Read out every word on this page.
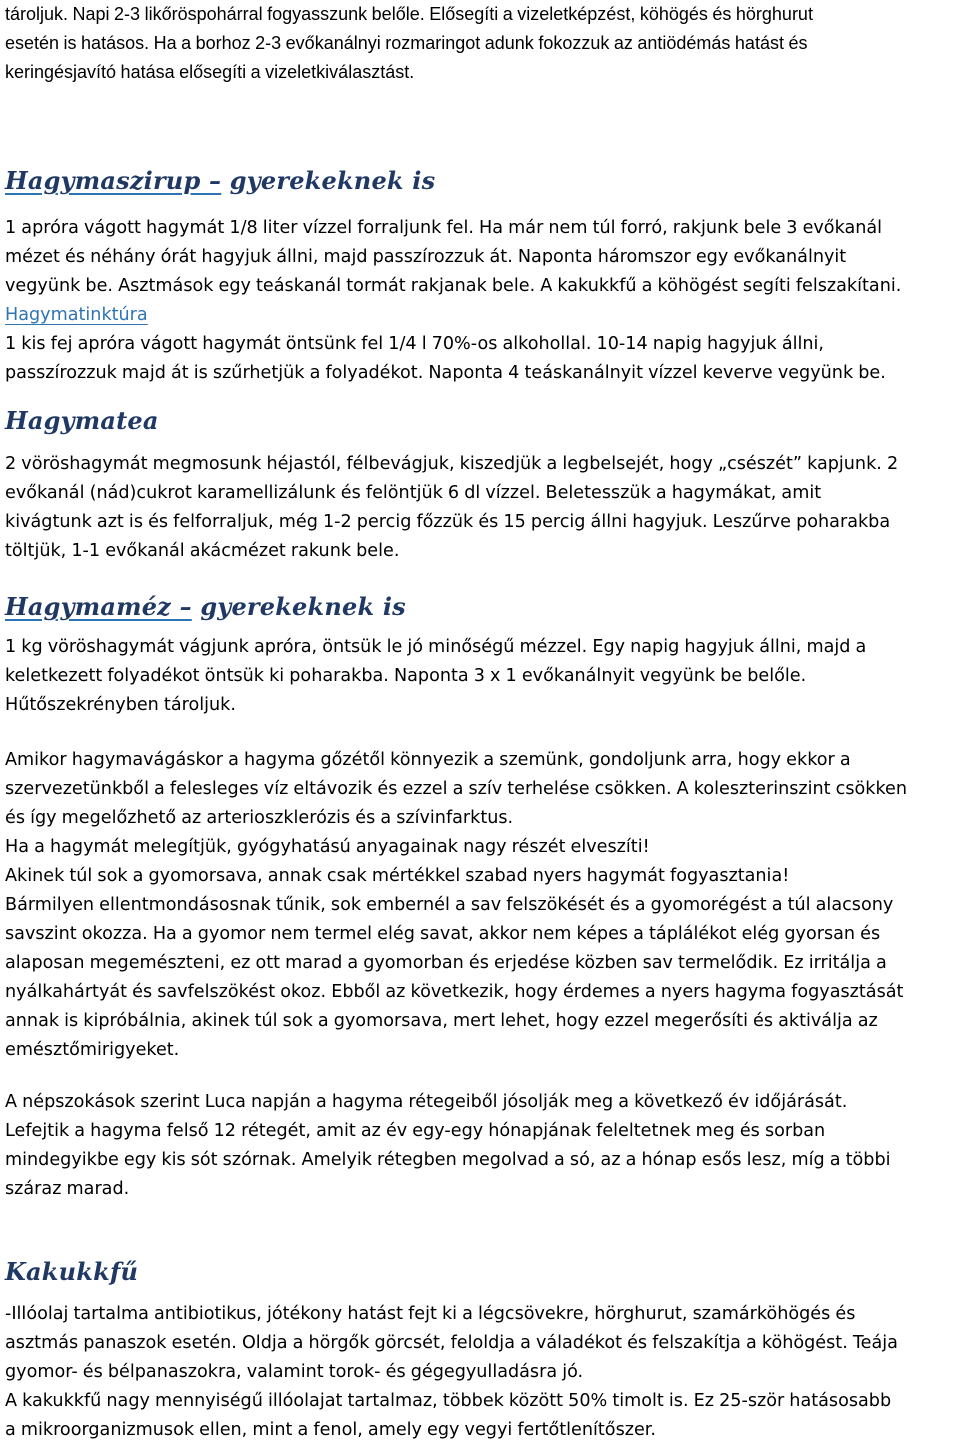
tároljuk. Napi 2-3 likőröspohárral fogyasszunk belőle. Elősegíti a vizeletképzést, köhögés és hörghurut

esetén is hatásos. Ha a borhoz 2-3 evőkanálnyi rozmaringot adunk fokozzuk az antiödémás hatást és

keringésjavító hatása elősegíti a vizeletkiválasztást.

Hagymaszirup – gyerekeknek is

1 apróra vágott hagymát 1/8 liter vízzel forraljunk fel. Ha már nem túl forró, rakjunk bele 3 evőkanál

mézet és néhány órát hagyjuk állni, majd passzírozzuk át. Naponta háromszor egy evőkanálnyit

vegyünk be. Asztmások egy teáskanál tormát rakjanak bele. A kakukkfű a köhögést segíti felszakítani.

Hagymatinktúra

1 kis fej apróra vágott hagymát öntsünk fel 1/4 l 70%-os alkohollal. 10-14 napig hagyjuk állni,

passzírozzuk majd át is szűrhetjük a folyadékot. Naponta 4 teáskanálnyit vízzel keverve vegyünk be.

Hagymatea

2 vöröshagymát megmosunk héjastól, félbevágjuk, kiszedjük a legbelsejét, hogy „csészét” kapjunk. 2

evőkanál (nád)cukrot karamellizálunk és felöntjük 6 dl vízzel. Beletesszük a hagymákat, amit

kivágtunk azt is és felforraljuk, még 1-2 percig főzzük és 15 percig állni hagyjuk. Leszűrve poharakba

töltjük, 1-1 evőkanál akácmézet rakunk bele.

Hagymaméz – gyerekeknek is

1 kg vöröshagymát vágjunk apróra, öntsük le jó minőségű mézzel. Egy napig hagyjuk állni, majd a

keletkezett folyadékot öntsük ki poharakba. Naponta 3 x 1 evőkanálnyit vegyünk be belőle.

Hűtőszekrényben tároljuk.

Amikor hagymavágáskor a hagyma gőzétől könnyezik a szemünk, gondoljunk arra, hogy ekkor a

szervezetünkből a felesleges víz eltávozik és ezzel a szív terhelése csökken. A koleszterinszint csökken

és így megelőzhető az arterioszklerózis és a szívinfarktus.

Ha a hagymát melegítjük, gyógyhatású anyagainak nagy részét elveszíti!

Akinek túl sok a gyomorsava, annak csak mértékkel szabad nyers hagymát fogyasztania!

Bármilyen ellentmondásosnak tűnik, sok embernél a sav felszökését és a gyomorégést a túl alacsony

savszint okozza. Ha a gyomor nem termel elég savat, akkor nem képes a táplálékot elég gyorsan és

alaposan megemészteni, ez ott marad a gyomorban és erjedése közben sav termelődik. Ez irritálja a

nyálkahártyát és savfelszökést okoz. Ebből az következik, hogy érdemes a nyers hagyma fogyasztását

annak is kipróbálnia, akinek túl sok a gyomorsava, mert lehet, hogy ezzel megerősíti és aktiválja az

emésztőmirigyeket.

A népszokások szerint Luca napján a hagyma rétegeiből jósolják meg a következő év időjárását.

Lefejtik a hagyma felső 12 rétegét, amit az év egy-egy hónapjának feleltetnek meg és sorban

mindegyikbe egy kis sót szórnak. Amelyik rétegben megolvad a só, az a hónap esős lesz, míg a többi

száraz marad.

Kakukkfű

-Illóolaj tartalma antibiotikus, jótékony hatást fejt ki a légcsövekre, hörghurut, szamárköhögés és

asztmás panaszok esetén. Oldja a hörgők görcsét, feloldja a váladékot és felszakítja a köhögést. Teája

gyomor- és bélpanaszokra, valamint torok- és gégegyulladásra jó.

A kakukkfű nagy mennyiségű illóolajat tartalmaz, többek között 50% timolt is. Ez 25-ször hatásosabb

a mikroorganizmusok ellen, mint a fenol, amely egy vegyi fertőtlenítőszer.
